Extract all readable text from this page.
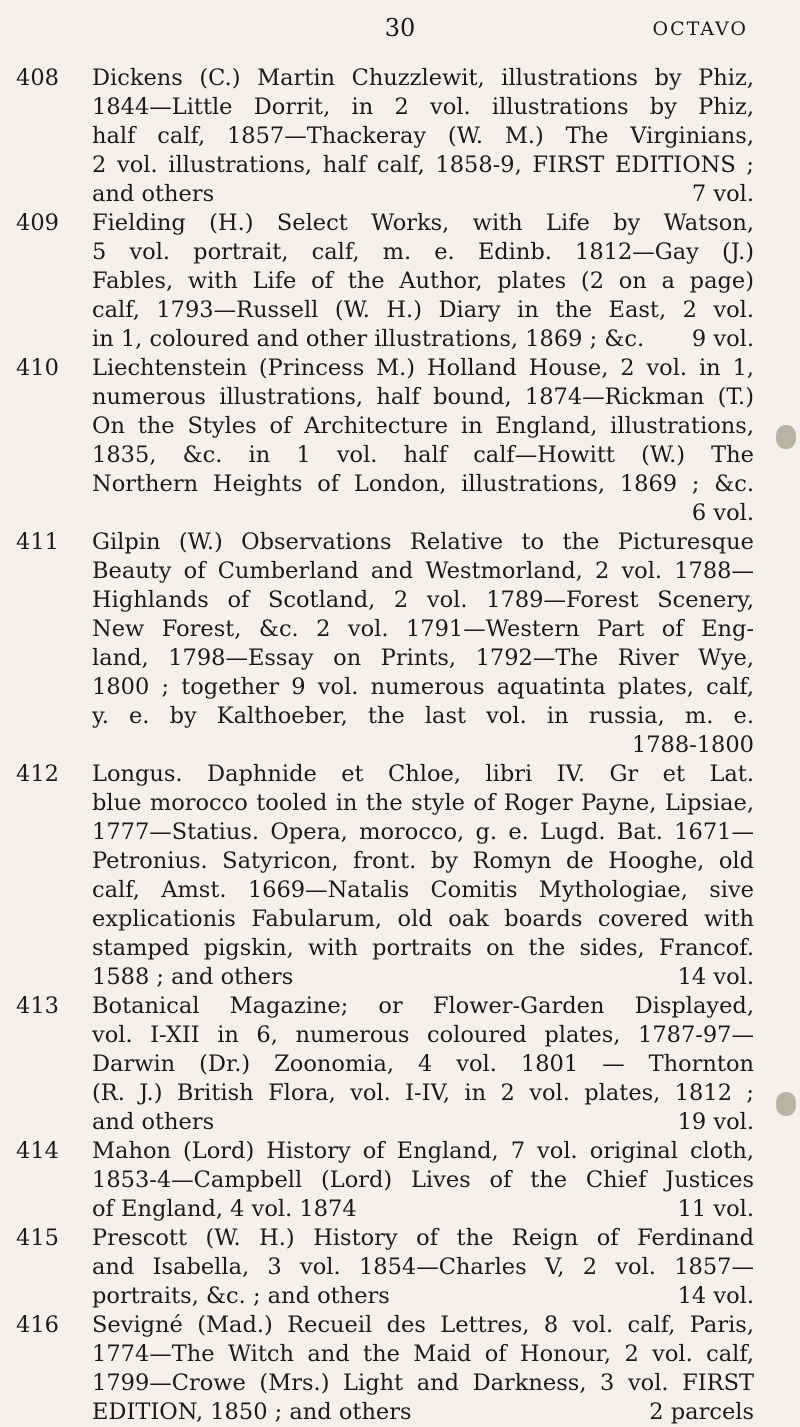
30	OCTAVO
408 Dickens (C.) Martin Chuzzlewit, illustrations by Phiz,
1844—Little Dorrit, in 2 vol. illustrations by Phiz,
half calf, 1857—Thackeray (W. M.) The Virginians,
2 vol. illustrations, half calf, 1858-9, FIRST EDITIONS ;
and others	7 vol.
409 Fielding (H.) Select Works, with Life by Watson,
5 vol. portrait, calf, m. e. Edinb. 1812—Gay (J.)
Fables, with Life of the Author, plates (2 on a page)
calf, 1793—Russell (W. H.) Diary in the East, 2 vol.
in 1, coloured and other illustrations, 1869 ; &c. 9 vol.
410 Liechtenstein (Princess M.) Holland House, 2 vol. in 1,
numerous illustrations, half bound, 1874—Rickman (T.)
On the Styles of Architecture in England, illustrations,
1835, &c. in 1 vol. half calf—Howitt (W.) The
Northern Heights of London, illustrations, 1869 ; &c.
6 vol.
411 Gilpin (W.) Observations Relative to the Picturesque
Beauty of Cumberland and Westmorland, 2 vol. 1788—
Highlands of Scotland, 2 vol. 1789—Forest Scenery,
New Forest, &c. 2 vol. 1791—Western Part of Eng-
land, 1798—Essay on Prints, 1792—The River Wye,
1800 ; together 9 vol. numerous aquatinta plates, calf,
y. e. by Kalthoeber, the last vol. in russia, m. e.
1788-1800
412 Longus. Daphnide et Chloe, libri IV. Gr et Lat.
blue morocco tooled in the style of Roger Payne, Lipsiae,
1777—Statius. Opera, morocco, g. e. Lugd. Bat. 1671—
Petronius. Satyricon, front. by Romyn de Hooghe, old
calf, Amst. 1669—Natalis Comitis Mythologiae, sive
explicationis Fabularum, old oak boards covered with
stamped pigskin, with portraits on the sides, Francof.
1588 ; and others	14 vol.
413 Botanical Magazine; or Flower-Garden Displayed,
vol. I-XII in 6, numerous coloured plates, 1787-97—
Darwin (Dr.) Zoonomia, 4 vol. 1801 — Thornton
(R. J.) British Flora, vol. I-IV, in 2 vol. plates, 1812 ;
and others	19 vol.
414 Mahon (Lord) History of England, 7 vol. original cloth,
1853-4—Campbell (Lord) Lives of the Chief Justices
of England, 4 vol. 1874	11 vol.
415 Prescott (W. H.) History of the Reign of Ferdinand
and Isabella, 3 vol. 1854—Charles V, 2 vol. 1857—
portraits, &c. ; and others	14 vol.
416 Sevigné (Mad.) Recueil des Lettres, 8 vol. calf, Paris,
1774—The Witch and the Maid of Honour, 2 vol. calf,
1799—Crowe (Mrs.) Light and Darkness, 3 vol. FIRST
EDITION, 1850 ; and others	2 parcels
